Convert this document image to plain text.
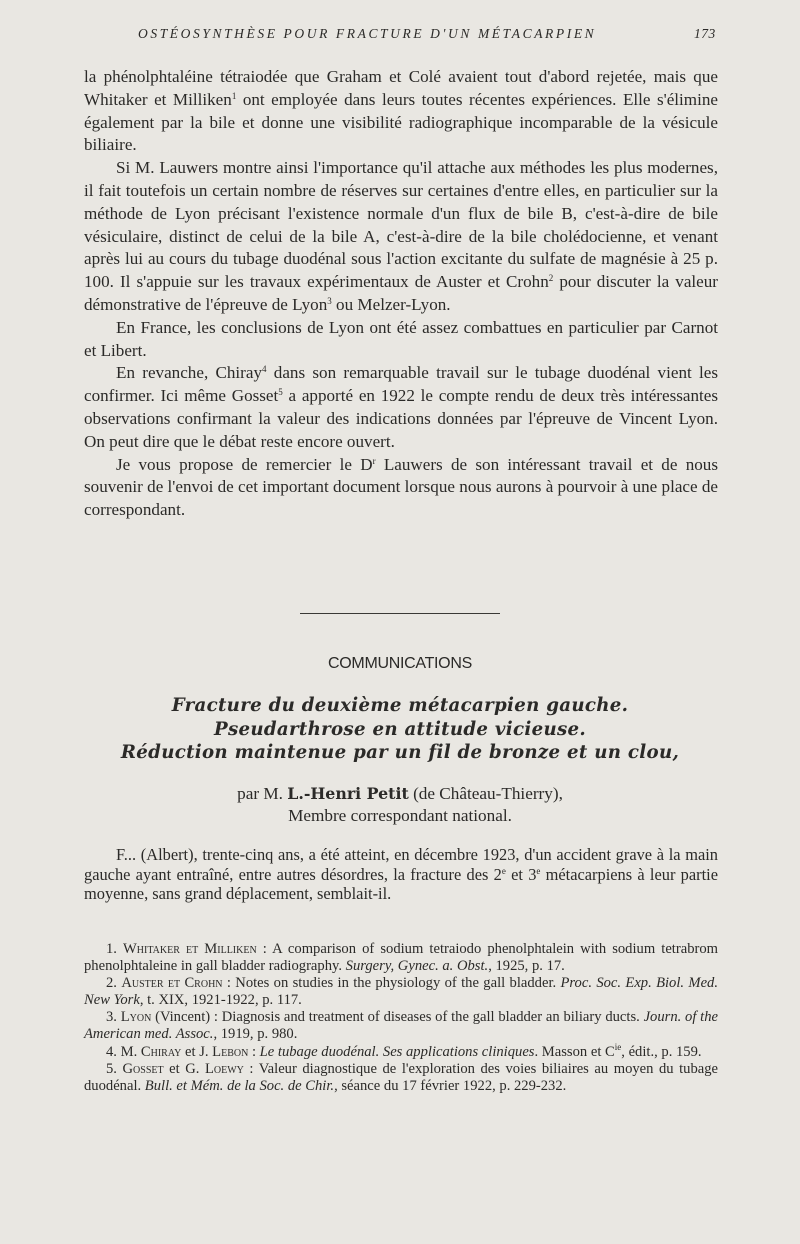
OSTÉOSYNTHÈSE POUR FRACTURE D'UN MÉTACARPIEN	173

la phénolphtaléine tétraiodée que Graham et Colé avaient tout d'abord rejetée, mais que Whitaker et Milliken$^1$ ont employée dans leurs toutes récentes expériences. Elle s'élimine également par la bile et donne une visibilité radiographique incomparable de la vésicule biliaire.

Si M. Lauwers montre ainsi l'importance qu'il attache aux méthodes les plus modernes, il fait toutefois un certain nombre de réserves sur certaines d'entre elles, en particulier sur la méthode de Lyon précisant l'existence normale d'un flux de bile B, c'est-à-dire de bile vésiculaire, distinct de celui de la bile A, c'est-à-dire de la bile cholédocienne, et venant après lui au cours du tubage duodénal sous l'action excitante du sulfate de magnésie à 25 p. 100. Il s'appuie sur les travaux expérimentaux de Auster et Crohn$^2$ pour discuter la valeur démonstrative de l'épreuve de Lyon$^3$ ou Melzer-Lyon.

En France, les conclusions de Lyon ont été assez combattues en particulier par Carnot et Libert.

En revanche, Chiray$^4$ dans son remarquable travail sur le tubage duodénal vient les confirmer. Ici même Gosset$^5$ a apporté en 1922 le compte rendu de deux très intéressantes observations confirmant la valeur des indications données par l'épreuve de Vincent Lyon. On peut dire que le débat reste encore ouvert.

Je vous propose de remercier le $D^r$ Lauwers de son intéressant travail et de nous souvenir de l'envoi de cet important document lorsque nous aurons à pourvoir à une place de correspondant.

COMMUNICATIONS
Fracture du deuxième métacarpien gauche.
Pseudarthrose en attitude vicieuse.
Réduction maintenue par un fil de bronze et un clou,
par M. L.-Henri Petit (de Château-Thierry),
Membre correspondant national.

F... (Albert), trente-cinq ans, a été atteint, en décembre 1923, d'un accident grave à la main gauche ayant entraîné, entre autres désordres, la fracture des 2e et 3e métacarpiens à leur partie moyenne, sans grand déplacement, semblait-il.

1. Whitaker et Milliken : A comparison of sodium tetraiodo phenolphtalein with sodium tetrabrom phenolphtaleine in gall bladder radiography. Surgery, Gynec. a. Obst., 1925, p. 17.

2. Auster et Crohn : Notes on studies in the physiology of the gall bladder. Proc. Soc. Exp. Biol. Med. New York, t. XIX, 1921-1922, p. 117.

3. Lyon (Vincent) : Diagnosis and treatment of diseases of the gall bladder an biliary ducts. Journ. of the American med. Assoc., 1919, p. 980.

4. M. Chiray et J. Lebon : Le tubage duodénal. Ses applications cliniques. Masson et $C^{ie}$, édit., p. 159.

5. Gosset et G. Loewy : Valeur diagnostique de l'exploration des voies biliaires au moyen du tubage duodénal. Bull. et Mém. de la Soc. de Chir., séance du 17 février 1922, p. 229-232.
